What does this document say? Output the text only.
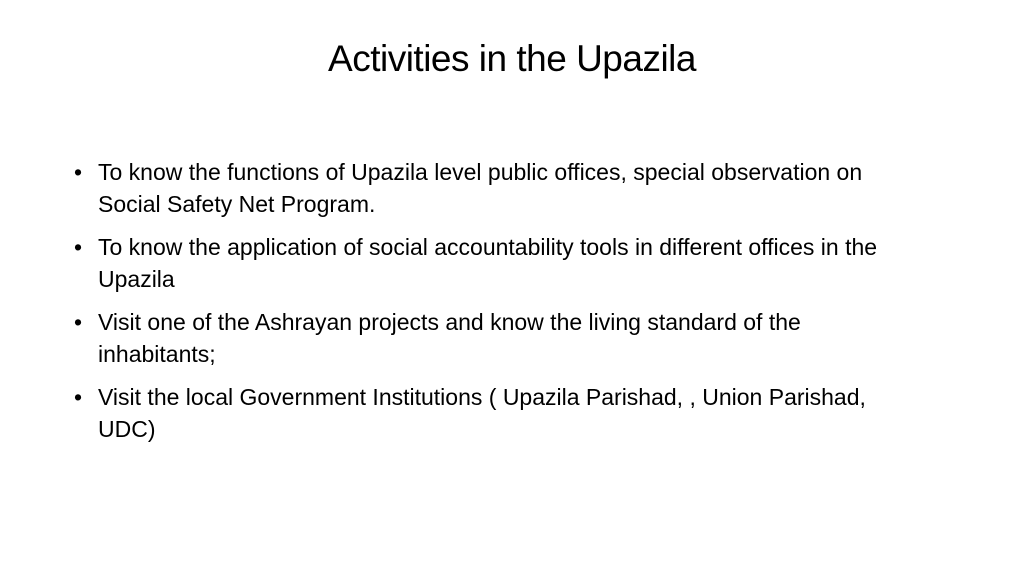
Activities in the Upazila
• To know the functions of Upazila level public offices, special observation on Social Safety Net Program.
• To know the application of social accountability tools in different offices in the Upazila
• Visit one of the Ashrayan projects and know the living standard of the inhabitants;
• Visit the local Government Institutions ( Upazila Parishad, , Union Parishad, UDC)
